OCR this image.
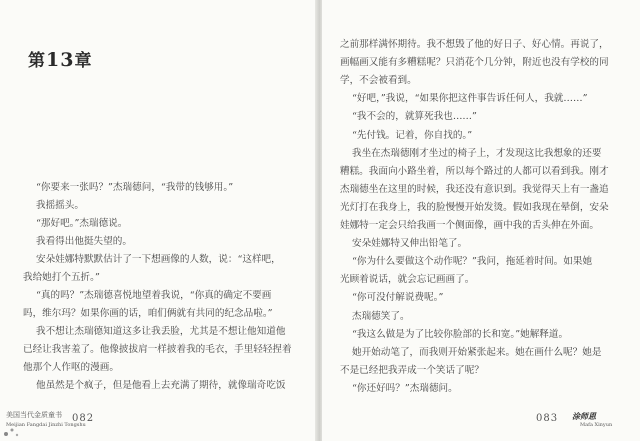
第13章
“你要来一张吗？”杰瑞德问，“我带的钱够用。”
我摇摇头。
“那好吧。”杰瑞德说。
我看得出他挺失望的。
安朵娃娜特默默估计了一下想画像的人数，说：“这样吧，
我给她打个五折。”
“真的吗？”杰瑞德喜悦地望着我说，“你真的确定不要画
吗，维尔玛？如果你画的话，咱们俩就有共同的纪念品啦。”
我不想让杰瑞德知道这多让我丢脸，尤其是不想让他知道他
已经让我害羞了。他像披拔肩一样披着我的毛衣，手里轻轻捏着
他那个人作呕的漫画。
他虽然是个疯子，但是他看上去充满了期待，就像瑞奇吃饭
美国当代金质童书
Meijian Fangdai Jinzhi Tongshu
082
之前那样满怀期待。我不想毁了他的好日子、好心情。再说了，
画幅画又能有多糟糕呢？只消花个几分钟，附近也没有学校的同
学，不会被看到。
“好吧，”我说，“如果你把这件事告诉任何人，我就……”
“我不会的，就算死我也……”
“先付钱。记着，你自找的。”
我坐在杰瑞德刚才坐过的椅子上，才发现这比我想象的还要
糟糕。我面向小路坐着，所以每个路过的人都可以看到我。刚才
杰瑞德坐在这里的时候，我还没有意识到。我觉得天上有一盏追
光灯打在我身上，我的脸慢慢开始发烫。假如我现在晕倒，安朵
娃娜特一定会只给我画一个侧面像，画中我的舌头伸在外面。
安朵娃娜特又伸出铅笔了。
“你为什么要做这个动作呢？”我问，拖延着时间。如果她
光顾着说话，就会忘记画画了。
“你可没付解说费呢。”
杰瑞德笑了。
“我这么做是为了比较你脸部的长和宽。”她解释道。
她开始动笔了，而我则开始紧张起来。她在画什么呢？她是
不是已经把我弄成一个笑话了呢？
“你还好吗？”杰瑞德问。
083 涂师恩
Mafa Xinyun
